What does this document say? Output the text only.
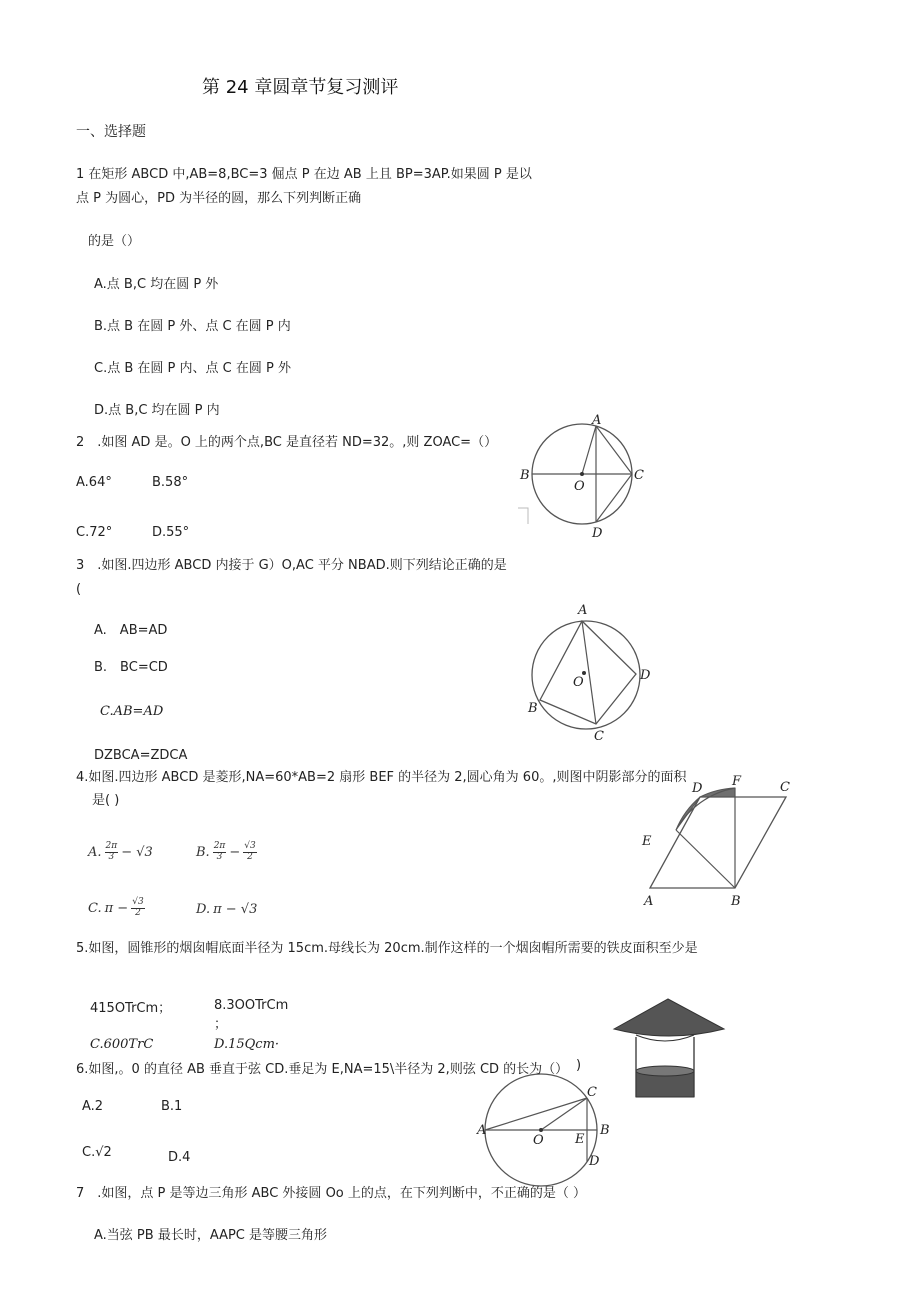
第 24 章圆章节复习测评
一、选择题
1 在矩形 ABCD 中,AB=8,BC=3 倔点 P 在边 AB 上且 BP=3AP.如果圆 P 是以
点 P 为圆心，PD 为半径的圆，那么下列判断正确
的是（）
A.点 B,C 均在圆 P 外
B.点 B 在圆 P 外、点 C 在圆 P 内
C.点 B 在圆 P 内、点 C 在圆 P 外
D.点 B,C 均在圆 P 内
2　.如图 AD 是。O 上的两个点,BC 是直径若 ND=32。,则 ZOAC=（）
A.64°	B.58°
C.72°	D.55°
A
B	C
D
O
3　.如图.四边形 ABCD 内接于 G）O,AC 平分 NBAD.则下列结论正确的是
(
A.　AB=AD
B.　BC=CD
C.AB=AD
DZBCA=ZDCA
A
B
C
D
O
4.如图.四边形 ABCD 是菱形,NA=60*AB=2 扇形 BEF 的半径为 2,圆心角为 60。,则图中阴影部分的面积
是( )
A. $\frac{2\pi}{3} - √3$	B. $\frac{2\pi}{3} - \frac{√3}{2}$
C. $\pi - \frac{√3}{2}$	D. π − √3
A	B
C
D
E
F
5.如图，圆锥形的烟囱帽底面半径为 15cm.母线长为 20cm.制作这样的一个烟囱帽所需要的铁皮面积至少是
415OTrCm；	8.3OOTrCm
；
C.600TrC	D.15Qcm·
6.如图,。0 的直径 AB 垂直于弦 CD.垂足为 E,NA=15\半径为 2,则弦 CD 的长为（） )
A.2	B.1
C.√2	D.4
A	B
C
D
E
O
7　.如图，点 P 是等边三角形 ABC 外接圆 Oo 上的点，在下列判断中，不正确的是（ ）
A.当弦 PB 最长时，AAPC 是等腰三角形
